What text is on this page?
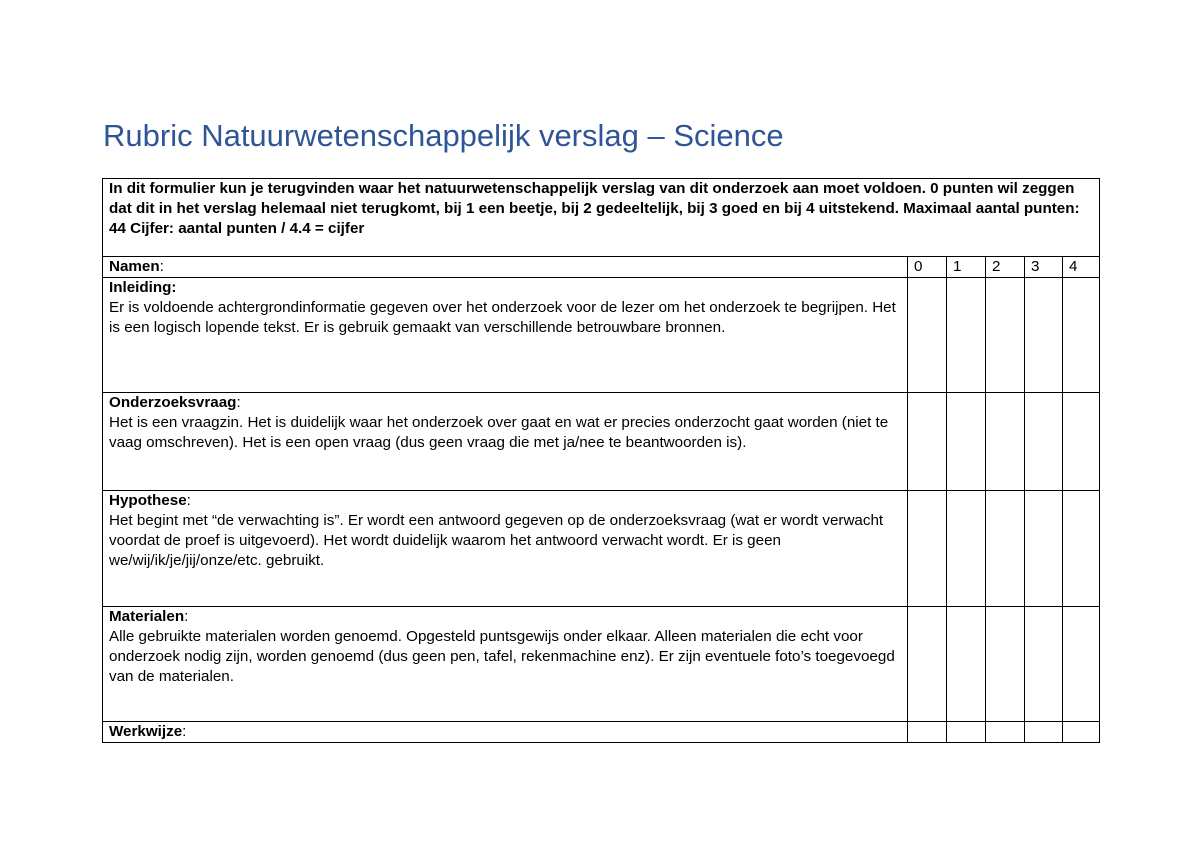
Rubric Natuurwetenschappelijk verslag – Science
In dit formulier kun je terugvinden waar het natuurwetenschappelijk verslag van dit onderzoek aan moet voldoen. 0 punten wil zeggen dat dit in het verslag helemaal niet terugkomt, bij 1 een beetje, bij 2 gedeeltelijk, bij 3 goed en bij 4 uitstekend. Maximaal aantal punten: 44 Cijfer: aantal punten / 4.4 = cijfer					
Namen:	0	1	2	3	4

Inleiding:
Er is voldoende achtergrondinformatie gegeven over het onderzoek voor de lezer om het onderzoek te begrijpen. Het is een logisch lopende tekst. Er is gebruik gemaakt van verschillende betrouwbare bronnen.					

Onderzoeksvraag:
Het is een vraagzin. Het is duidelijk waar het onderzoek over gaat en wat er precies onderzocht gaat worden (niet te vaag omschreven). Het is een open vraag (dus geen vraag die met ja/nee te beantwoorden is).					

Hypothese:
Het begint met “de verwachting is”. Er wordt een antwoord gegeven op de onderzoeksvraag (wat er wordt verwacht voordat de proef is uitgevoerd). Het wordt duidelijk waarom het antwoord verwacht wordt. Er is geen we/wij/ik/je/jij/onze/etc. gebruikt.					

Materialen:
Alle gebruikte materialen worden genoemd. Opgesteld puntsgewijs onder elkaar. Alleen materialen die echt voor onderzoek nodig zijn, worden genoemd (dus geen pen, tafel, rekenmachine enz). Er zijn eventuele foto’s toegevoegd van de materialen.					

Werkwijze:					
